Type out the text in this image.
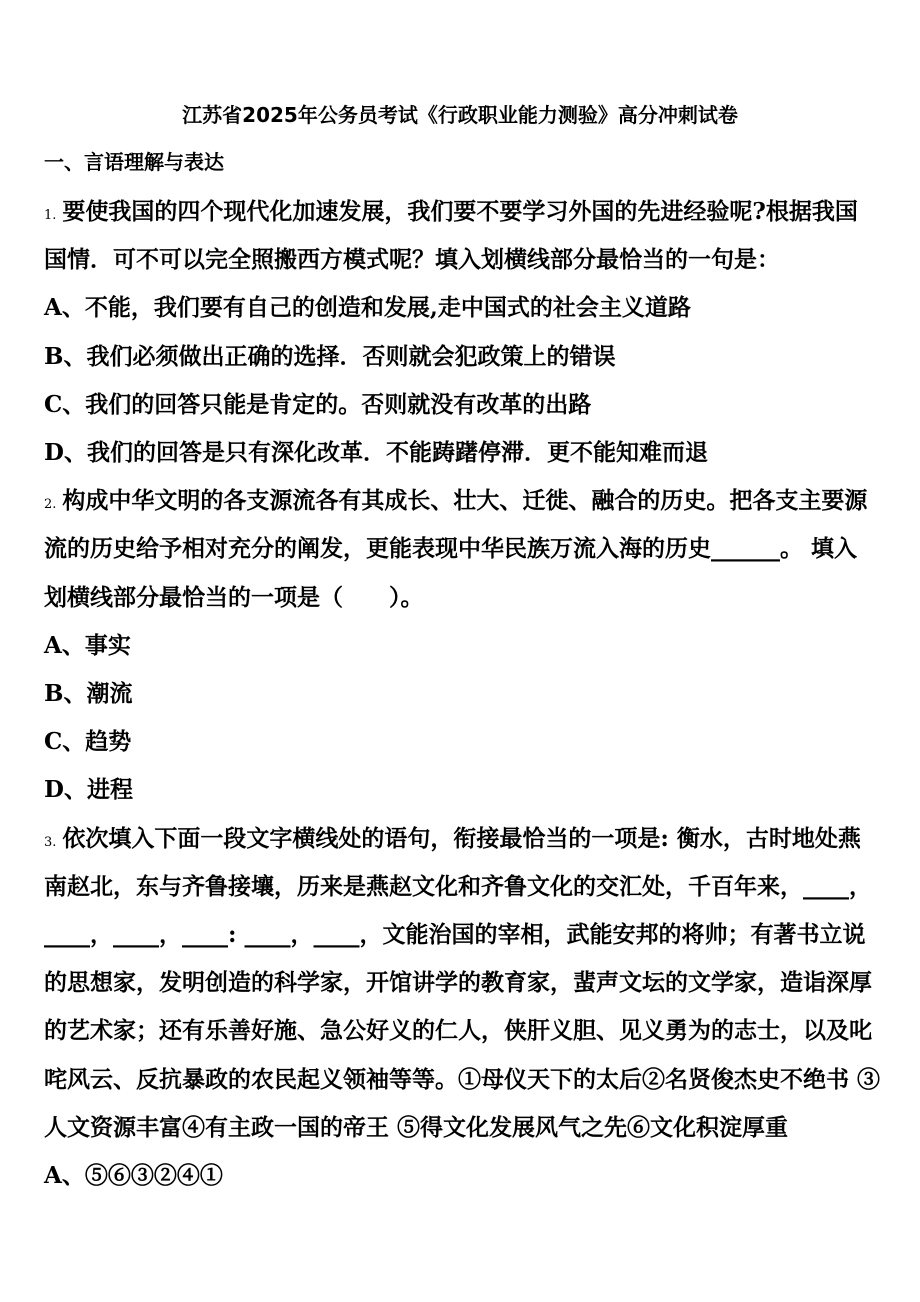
江苏省2025年公务员考试《行政职业能力测验》高分冲刺试卷
一、言语理解与表达
1. 要使我国的四个现代化加速发展，我们要不要学习外国的先进经验呢?根据我国
国情．可不可以完全照搬西方模式呢？填入划横线部分最恰当的一句是：
A、不能，我们要有自己的创造和发展,走中国式的社会主义道路
B、我们必须做出正确的选择．否则就会犯政策上的错误
C、我们的回答只能是肯定的。否则就没有改革的出路
D、我们的回答是只有深化改革．不能踌躇停滞．更不能知难而退
2. 构成中华文明的各支源流各有其成长、壮大、迁徙、融合的历史。把各支主要源
流的历史给予相对充分的阐发，更能表现中华民族万流入海的历史______。 填入
划横线部分最恰当的一项是（　　）。
A、事实
B、潮流
C、趋势
D、进程
3. 依次填入下面一段文字横线处的语句，衔接最恰当的一项是: 衡水，古时地处燕
南赵北，东与齐鲁接壤，历来是燕赵文化和齐鲁文化的交汇处，千百年来，____，
____，____，____: ____，____，文能治国的宰相，武能安邦的将帅；有著书立说
的思想家，发明创造的科学家，开馆讲学的教育家，蜚声文坛的文学家，造诣深厚
的艺术家；还有乐善好施、急公好义的仁人，侠肝义胆、见义勇为的志士，以及叱
咤风云、反抗暴政的农民起义领袖等等。①母仪天下的太后②名贤俊杰史不绝书 ③
人文资源丰富④有主政一国的帝王 ⑤得文化发展风气之先⑥文化积淀厚重
A、⑤⑥③②④①
